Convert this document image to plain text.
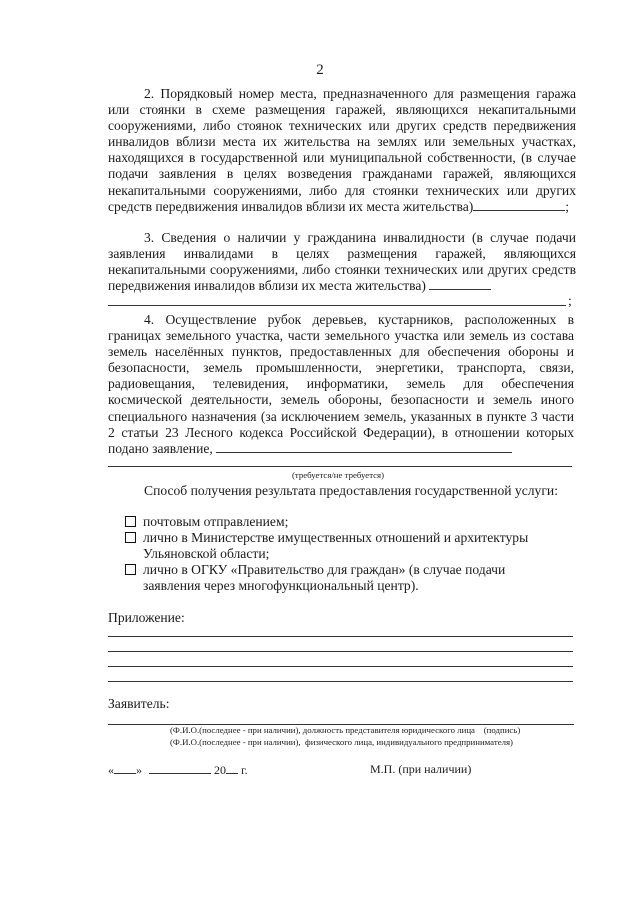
2

2. Порядковый номер места, предназначенного для размещения гаража или стоянки в схеме размещения гаражей, являющихся некапитальными сооружениями, либо стоянок технических или других средств передвижения инвалидов вблизи места их жительства на землях или земельных участках, находящихся в государственной или муниципальной собственности, (в случае подачи заявления в целях возведения гражданами гаражей, являющихся некапитальными сооружениями, либо для стоянки технических или других средств передвижения инвалидов вблизи их места жительства)	;

3. Сведения о наличии у гражданина инвалидности (в случае подачи заявления инвалидами в целях размещения гаражей, являющихся некапитальными сооружениями, либо стоянки технических или других средств передвижения инвалидов вблизи их места жительства)

;

4. Осуществление рубок деревьев, кустарников, расположенных в границах земельного участка, части земельного участка или земель из состава земель населённых пунктов, предоставленных для обеспечения обороны и безопасности, земель промышленности, энергетики, транспорта, связи, радиовещания, телевидения, информатики, земель для обеспечения космической деятельности, земель обороны, безопасности и земель иного специального назначения (за исключением земель, указанных в пункте 3 части 2 статьи 23 Лесного кодекса Российской Федерации), в отношении которых подано заявление,

(требуется/не требуется)

Способ получения результата предоставления государственной услуги:

почтовым отправлением;
лично в Министерстве имущественных отношений и архитектуры Ульяновской области;
лично в ОГКУ «Правительство для граждан» (в случае подачи заявления через многофункциональный центр).
Приложение:
Заявитель:
(Ф.И.О.(последнее - при наличии), должность представителя юридического лица    (подпись)
(Ф.И.О.(последнее - при наличии),  физического лица, индивидуального предпринимателя)
« »	20 г.	М.П. (при наличии)
